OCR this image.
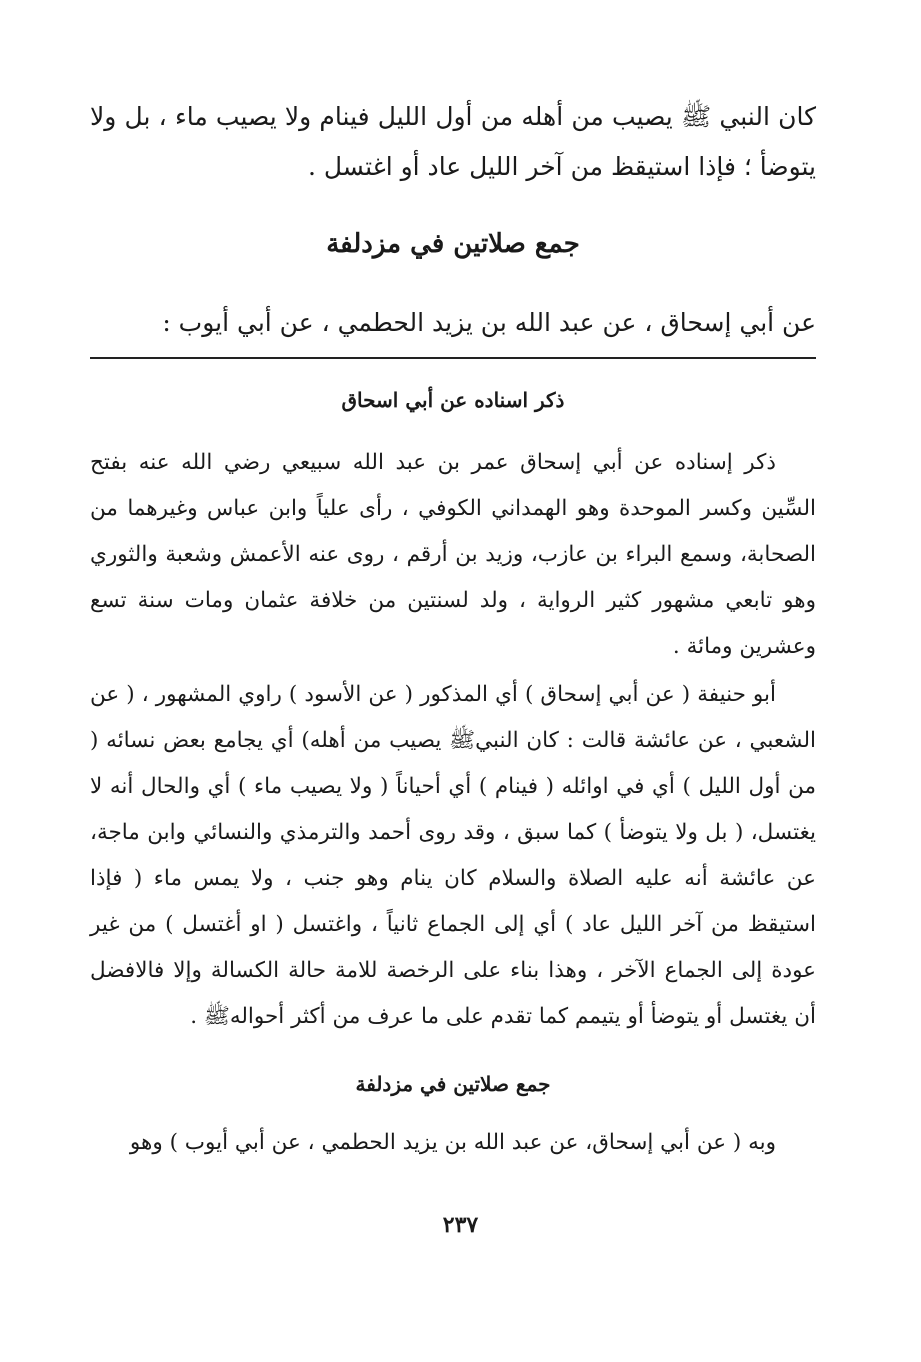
كان النبي ﷺ يصيب من أهله من أول الليل فينام ولا يصيب ماء ، بل ولا يتوضأ ؛ فإذا استيقظ من آخر الليل عاد أو اغتسل .

جمع صلاتين في مزدلفة
عن أبي إسحاق ، عن عبد الله بن يزيد الحطمي ، عن أبي أيوب :
ذكر اسناده عن أبي اسحاق

ذكر إسناده عن أبي إسحاق عمر بن عبد الله سبيعي رضي الله عنه بفتح السِّين وكسر الموحدة وهو الهمداني الكوفي ، رأى علياً وابن عباس وغيرهما من الصحابة، وسمع البراء بن عازب، وزيد بن أرقم ، روى عنه الأعمش وشعبة والثوري وهو تابعي مشهور كثير الرواية ، ولد لسنتين من خلافة عثمان ومات سنة تسع وعشرين ومائة .

أبو حنيفة ( عن أبي إسحاق ) أي المذكور ( عن الأسود ) راوي المشهور ، ( عن الشعبي ، عن عائشة قالت : كان النبيﷺ يصيب من أهله) أي يجامع بعض نسائه ( من أول الليل ) أي في اوائله ( فينام ) أي أحياناً ( ولا يصيب ماء ) أي والحال أنه لا يغتسل، ( بل ولا يتوضأ ) كما سبق ، وقد روى أحمد والترمذي والنسائي وابن ماجة، عن عائشة أنه عليه الصلاة والسلام كان ينام وهو جنب ، ولا يمس ماء ( فإذا استيقظ من آخر الليل عاد ) أي إلى الجماع ثانياً ، واغتسل ( او أغتسل ) من غير عودة إلى الجماع الآخر ، وهذا بناء على الرخصة للامة حالة الكسالة وإلا فالافضل أن يغتسل أو يتوضأ أو يتيمم كما تقدم على ما عرف من أكثر أحوالهﷺ .

جمع صلاتين في مزدلفة

وبه ( عن أبي إسحاق، عن عبد الله بن يزيد الحطمي ، عن أبي أيوب ) وهو

٢٣٧
